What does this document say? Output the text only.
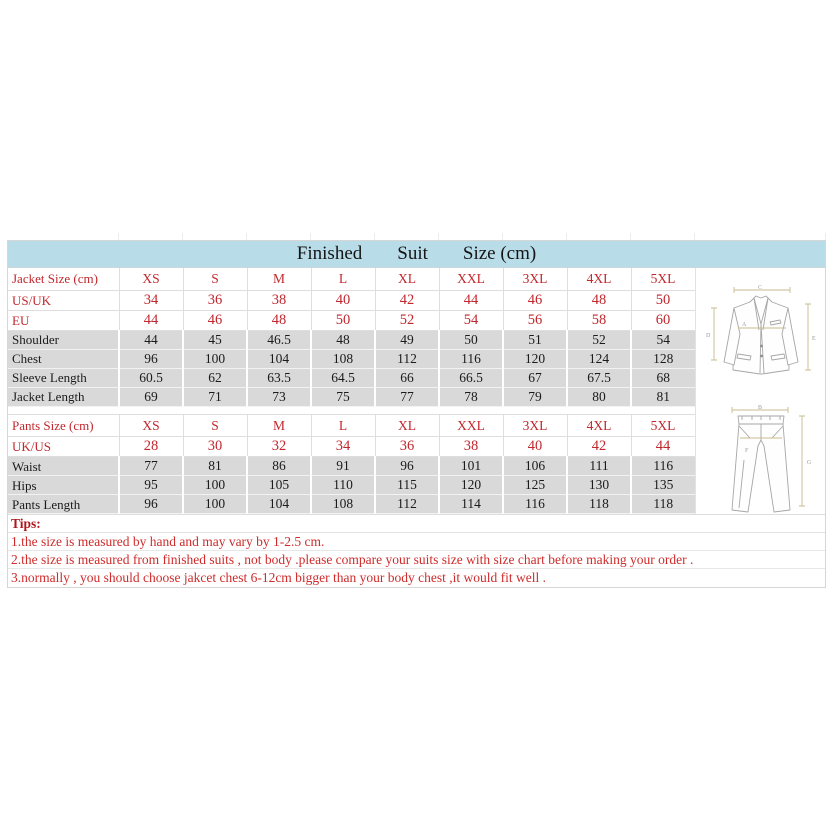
Finished Suit Size (cm)
Jacket Size (cm)	XS	S	M	L	XL	XXL	3XL	4XL	5XL
US/UK	34	36	38	40	42	44	46	48	50
EU	44	46	48	50	52	54	56	58	60
Shoulder	44	45	46.5	48	49	50	51	52	54
Chest	96	100	104	108	112	116	120	124	128
Sleeve Length	60.5	62	63.5	64.5	66	66.5	67	67.5	68
Jacket Length	69	71	73	75	77	78	79	80	81
Pants Size (cm)	XS	S	M	L	XL	XXL	3XL	4XL	5XL
UK/US	28	30	32	34	36	38	40	42	44
Waist	77	81	86	91	96	101	106	111	116
Hips	95	100	105	110	115	120	125	130	135
Pants Length	96	100	104	108	112	114	116	118	118
C
A
D	E
B
F
G
Tips:
1.the size is measured by hand and may vary by 1-2.5 cm.
2.the size is measured from finished suits , not body .please compare your suits size with size chart before making your order .
3.normally , you should choose jakcet chest 6-12cm bigger than your body chest ,it would fit well .
